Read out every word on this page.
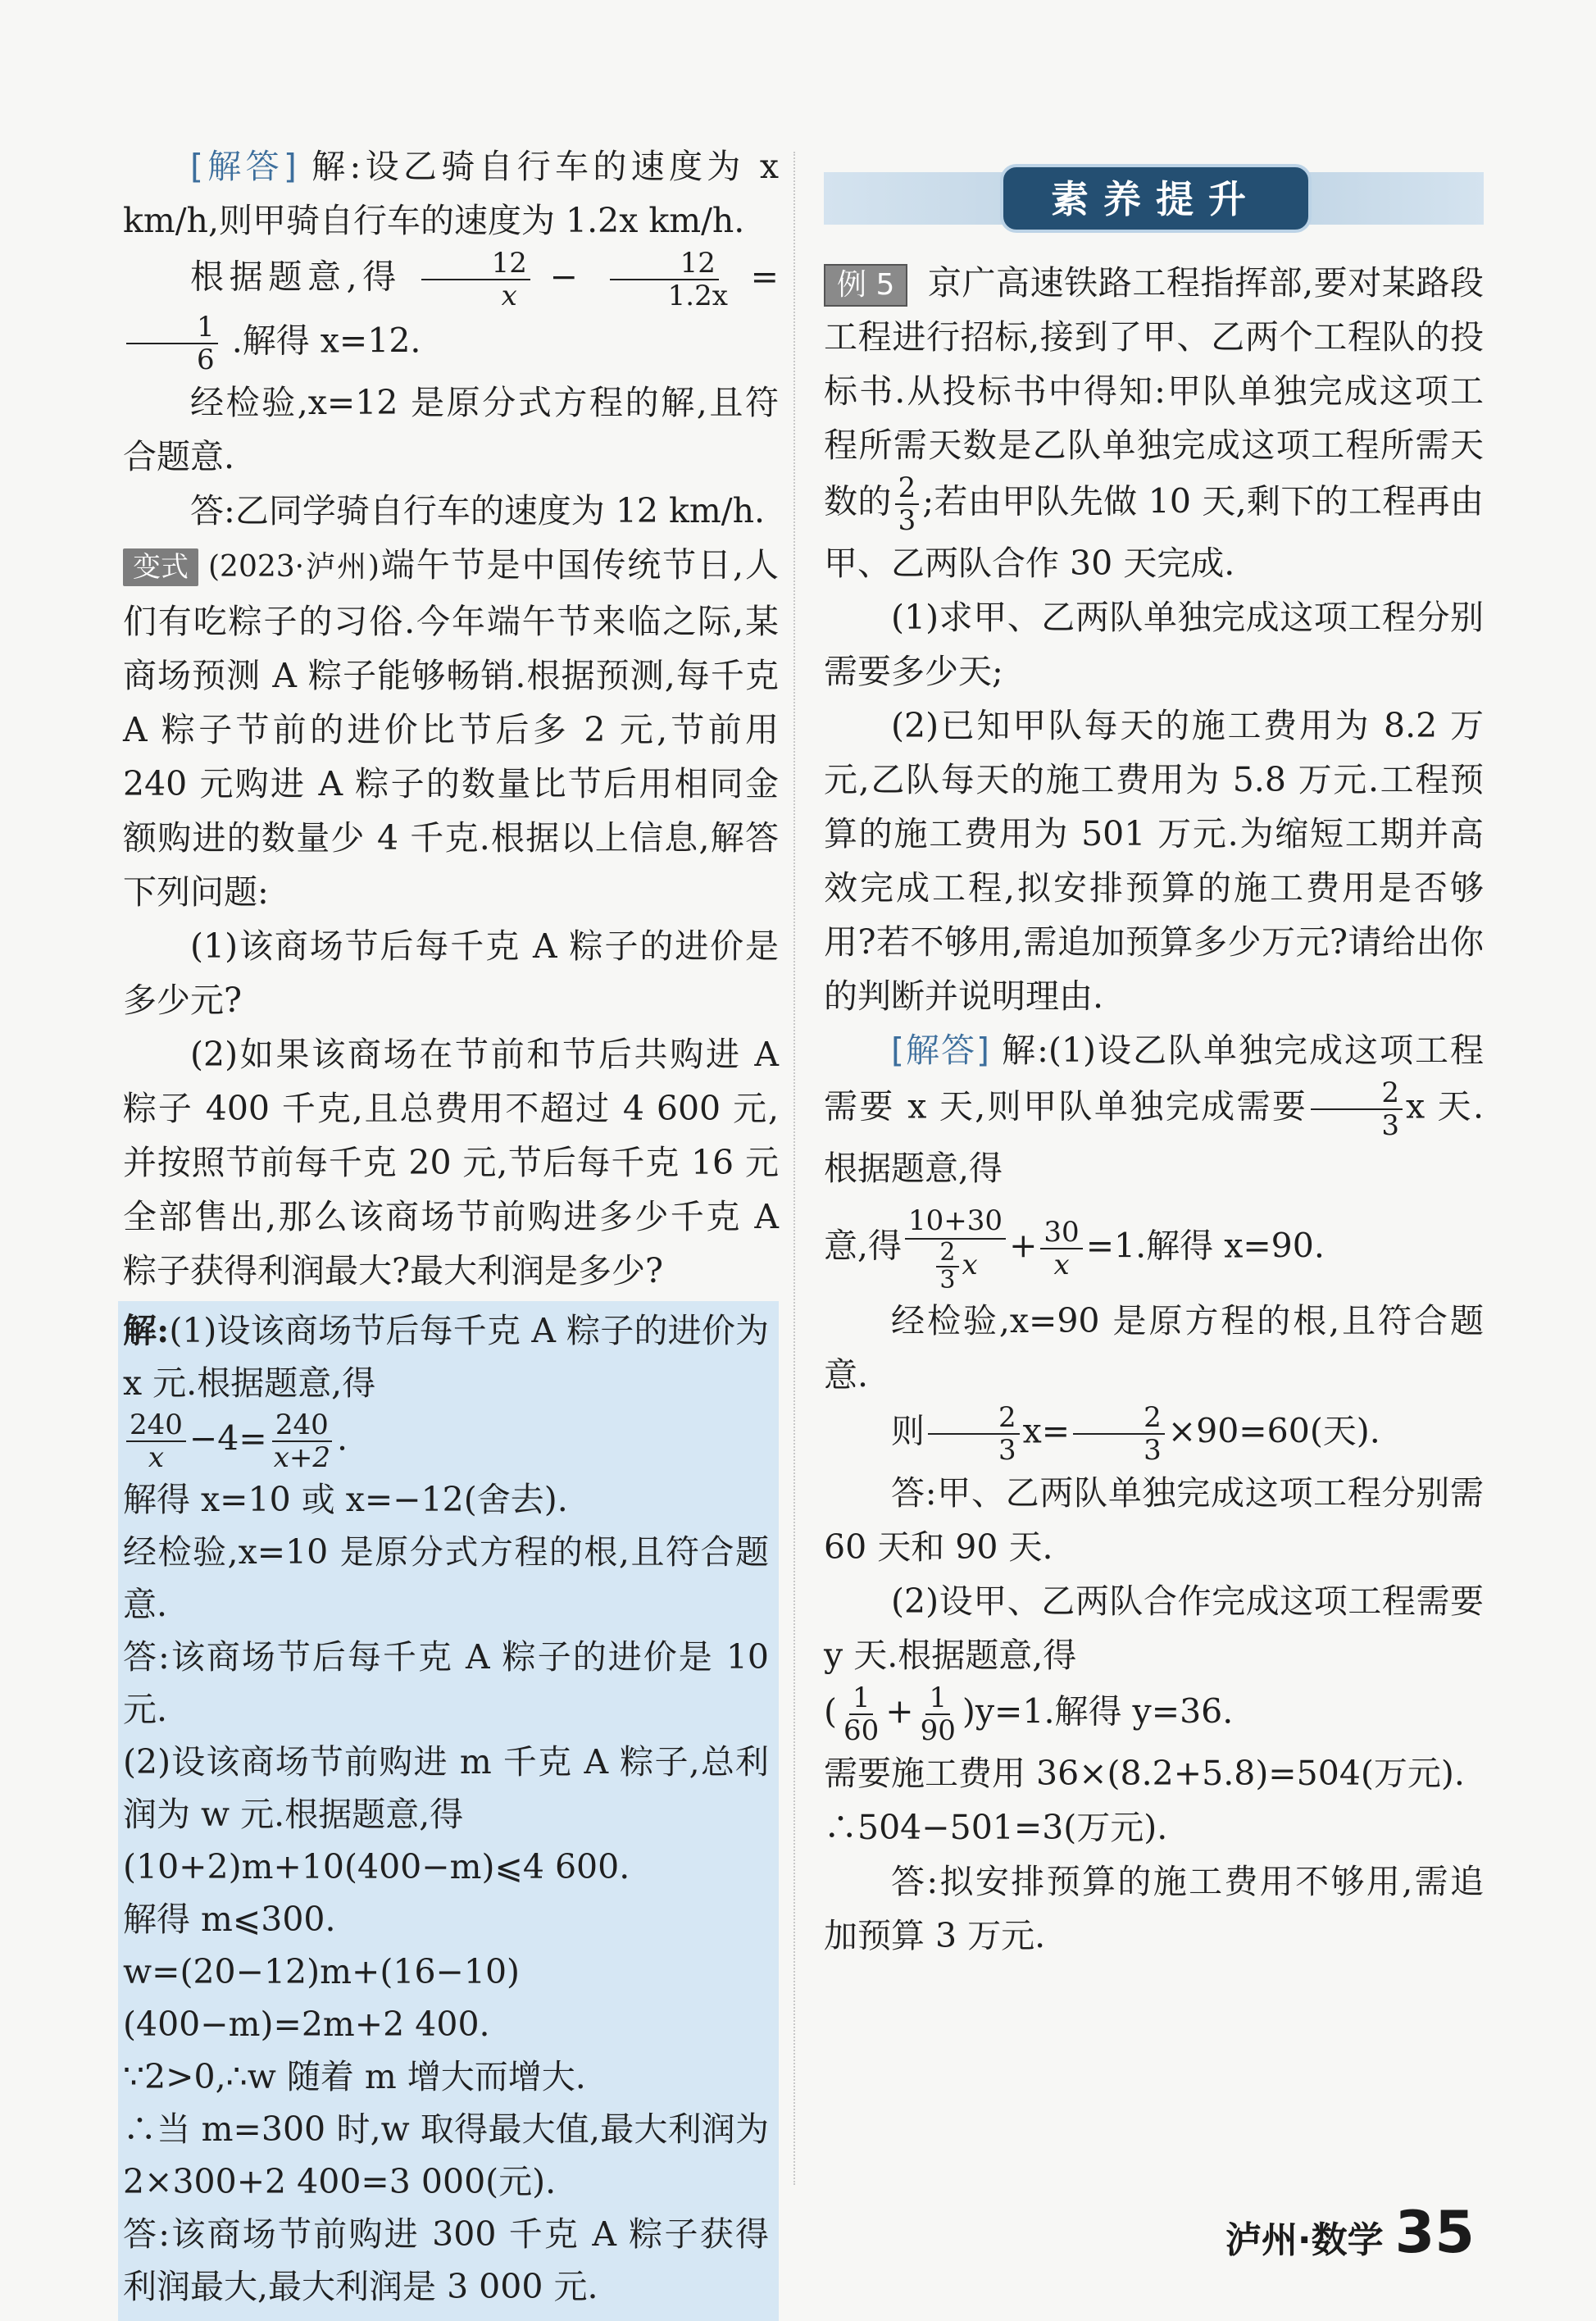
[解答] 解:设乙骑自行车的速度为 x km/h,则甲骑自行车的速度为 1.2x km/h.

根据题意,得 $\frac{12}{x} - \frac{12}{1.2x}$ =
$\frac{1}{6}$ .解得 x=12.

经检验,x=12 是原分式方程的解,且符合题意.

答:乙同学骑自行车的速度为 12 km/h.

变式 (2023·泸州)端午节是中国传统节日,人们有吃粽子的习俗.今年端午节来临之际,某商场预测 A 粽子能够畅销.根据预测,每千克 A 粽子节前的进价比节后多 2 元,节前用 240 元购进 A 粽子的数量比节后用相同金额购进的数量少 4 千克.根据以上信息,解答下列问题:

(1)该商场节后每千克 A 粽子的进价是多少元?

(2)如果该商场在节前和节后共购进 A 粽子 400 千克,且总费用不超过 4 600 元,并按照节前每千克 20 元,节后每千克 16 元全部售出,那么该商场节前购进多少千克 A 粽子获得利润最大?最大利润是多少?

解:(1)设该商场节后每千克 A 粽子的进价为 x 元.根据题意,得

$\frac{240}{x} -4= \frac{240}{x+2}$ .

解得 x=10 或 x=−12(舍去).

经检验,x=10 是原分式方程的根,且符合题意.

答:该商场节后每千克 A 粽子的进价是 10 元.

(2)设该商场节前购进 m 千克 A 粽子,总利润为 w 元.根据题意,得

(10+2)m+10(400−m)⩽4 600.

解得 m⩽300.

w=(20−12)m+(16−10)(400−m)=2m+2 400.

∵2>0,∴w 随着 m 增大而增大.

∴当 m=300 时,w 取得最大值,最大利润为 2×300+2 400=3 000(元).

答:该商场节前购进 300 千克 A 粽子获得利润最大,最大利润是 3 000 元.

素养提升

例 5 京广高速铁路工程指挥部,要对某路段工程进行招标,接到了甲、乙两个工程队的投标书.从投标书中得知:甲队单独完成这项工程所需天数是乙队单独完成这项工程所需天数的 $\frac{2}{3}$ ;若由甲队先做 10 天,剩下的工程再由甲、乙两队合作 30 天完成.

(1)求甲、乙两队单独完成这项工程分别需要多少天;

(2)已知甲队每天的施工费用为 8.2 万元,乙队每天的施工费用为 5.8 万元.工程预算的施工费用为 501 万元.为缩短工期并高效完成工程,拟安排预算的施工费用是否够用?若不够用,需追加预算多少万元?请给出你的判断并说明理由.

[解答] 解:(1)设乙队单独完成这项工程需要 x 天,则甲队单独完成需要 $\frac{2}{3}$ x 天.根据题意,得

意,得 $\frac{10+30}{\frac{2}{3} x} + \frac{30}{x} =1$.解得 x=90.

经检验,x=90 是原方程的根,且符合题意.

则 $\frac{2}{3} x= \frac{2}{3} \times 90=60$(天).

答:甲、乙两队单独完成这项工程分别需 60 天和 90 天.

(2)设甲、乙两队合作完成这项工程需要 y 天.根据题意,得

( $\frac{1}{60} + \frac{1}{90} )y=1$.解得 y=36.

需要施工费用 36×(8.2+5.8)=504(万元).

∴504−501=3(万元).

答:拟安排预算的施工费用不够用,需追加预算 3 万元.

泸州·数学 35
